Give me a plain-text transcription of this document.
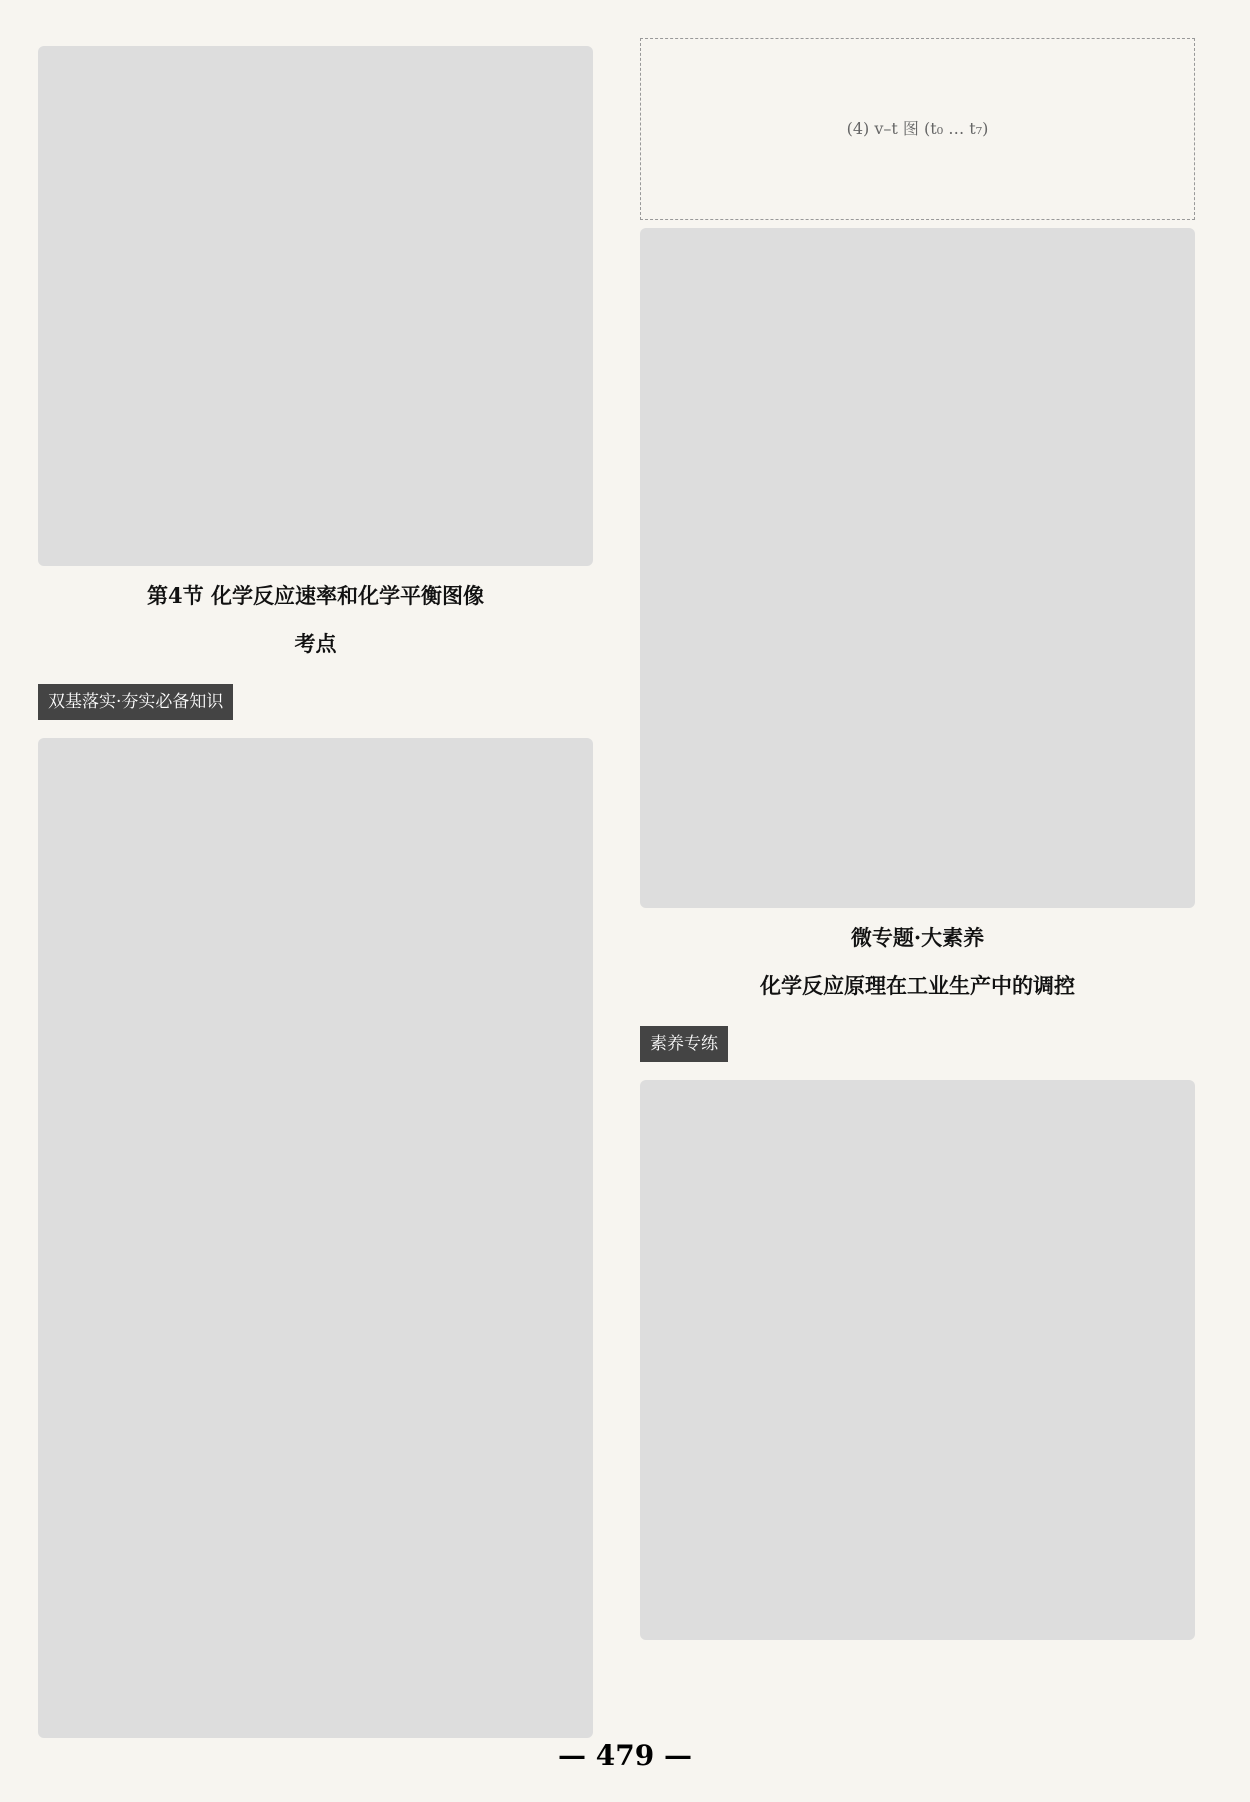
第4节 化学反应速率和化学平衡图像
考点
双基落实·夯实必备知识
(4) v–t 图 (t₀ … t₇)
微专题·大素养
化学反应原理在工业生产中的调控
素养专练
— 479 —
